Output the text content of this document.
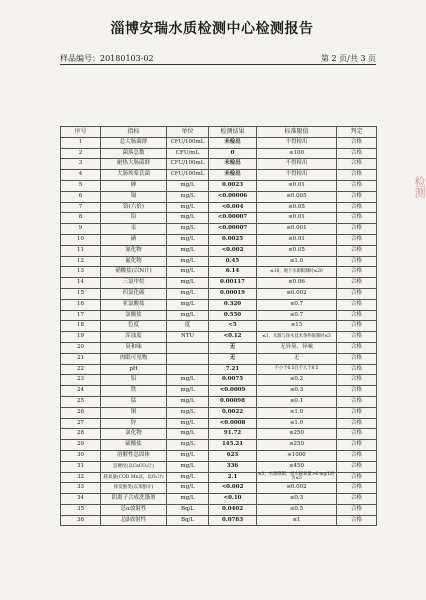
淄博安瑞水质检测中心检测报告
样品编号：20180103-02	第 2 页/共 3 页
序号	指标	单位	检测结果	标准限值	判定
1	总大肠菌群	CFU/100mL	未检出	不得检出	合格
2	菌落总数	CFU/mL	0	≤100	合格
3	耐热大肠菌群	CFU/100mL	未检出	不得检出	合格
4	大肠埃希氏菌	CFU/100mL	未检出	不得检出	合格
5	砷	mg/L	0.0023	≤0.01	合格
6	镉	mg/L	<0.00006	≤0.005	合格
7	铬(六价)	mg/L	<0.004	≤0.05	合格
8	铅	mg/L	<0.00007	≤0.01	合格
9	汞	mg/L	<0.00007	≤0.001	合格
10	硒	mg/L	0.0025	≤0.01	合格
11	氰化物	mg/L	<0.002	≤0.05	合格
12	氟化物	mg/L	0.45	≤1.0	合格
13	硝酸盐(以N计)	mg/L	6.14	≤10，地下水源限制时≤20	合格
14	三氯甲烷	mg/L	0.00117	≤0.06	合格
15	四氯化碳	mg/L	0.00019	≤0.002	合格
16	亚氯酸盐	mg/L	0.320	≤0.7	合格
17	氯酸盐	mg/L	0.550	≤0.7	合格
18	色度	度	<5	≤15	合格
19	浑浊度	NTU	<0.12	≤1，水源与净水技术条件限制时≤3	合格
20	臭和味		无	无异臭、异味	合格
21	肉眼可见物		无	无	合格
22	pH		7.21	不小于6.5且不大于8.5	合格
23	铝	mg/L	0.0075	≤0.2	合格
24	铁	mg/L	<0.0009	≤0.3	合格
25	锰	mg/L	0.00098	≤0.1	合格
26	铜	mg/L	0.0022	≤1.0	合格
27	锌	mg/L	<0.0008	≤1.0	合格
28	氯化物	mg/L	91.72	≤250	合格
29	硫酸盐	mg/L	145.21	≤250	合格
30	溶解性总固体	mg/L	623	≤1000	合格
31	总硬度(以CaCO₃计)	mg/L	336	≤450	合格
32	耗氧量(COD Mn法，以O₂计)	mg/L	2.1	≤3，水源限制，原水耗氧量>6 mg/L时为≤5	合格
33	挥发酚类(以苯酚计)	mg/L	<0.002	≤0.002	合格
34	阴离子合成洗涤剂	mg/L	<0.10	≤0.3	合格
35	总α放射性	Bq/L	0.0402	≤0.5	合格
36	总β放射性	Bq/L	0.0783	≤1	合格
检测
